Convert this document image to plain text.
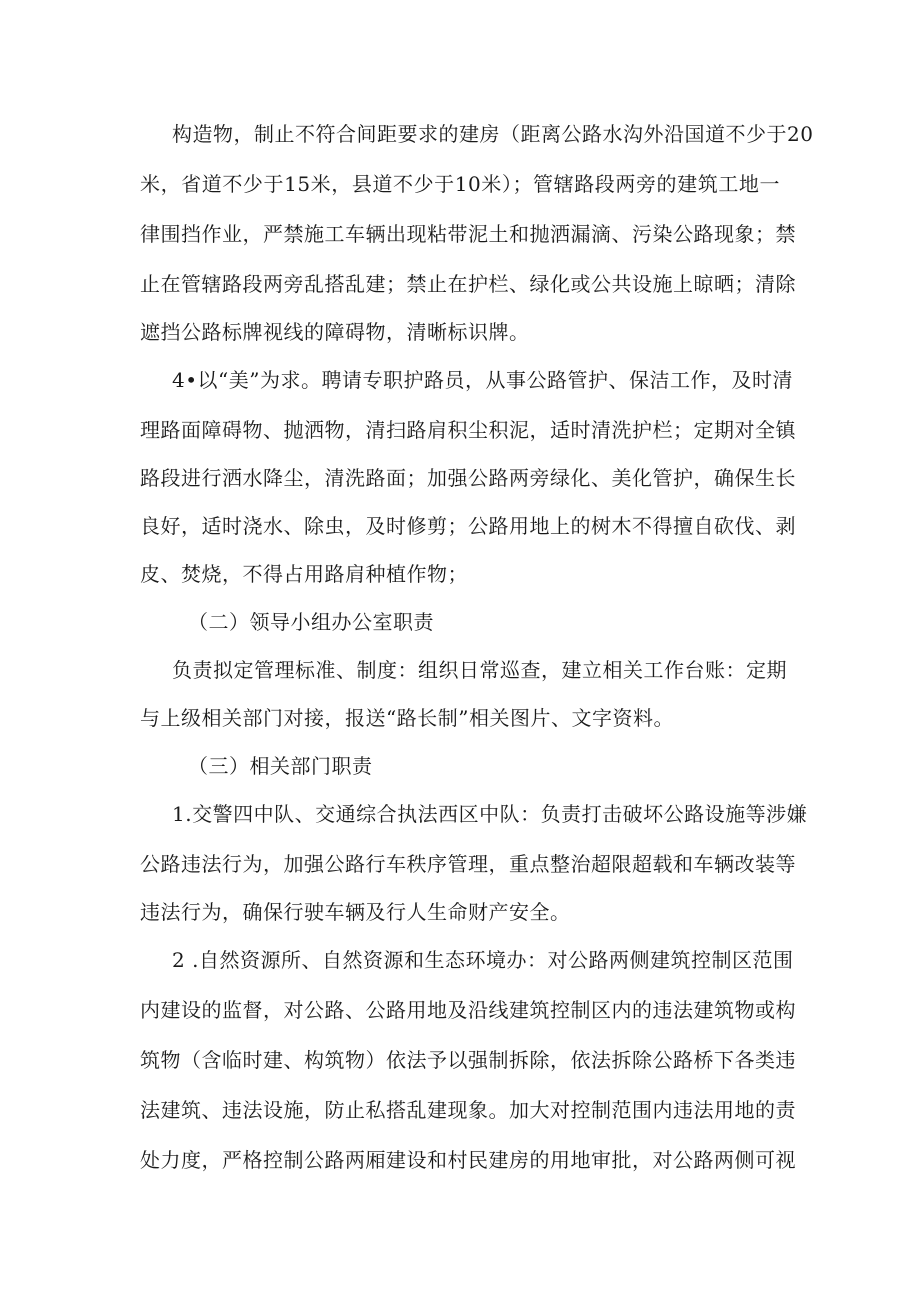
构造物，制止不符合间距要求的建房（距离公路水沟外沿国道不少于20
米，省道不少于15米，县道不少于10米）；管辖路段两旁的建筑工地一
律围挡作业，严禁施工车辆出现粘带泥土和抛洒漏滴、污染公路现象；禁
止在管辖路段两旁乱搭乱建；禁止在护栏、绿化或公共设施上晾晒；清除
遮挡公路标牌视线的障碍物，清晰标识牌。
4•以“美”为求。聘请专职护路员，从事公路管护、保洁工作，及时清
理路面障碍物、抛洒物，清扫路肩积尘积泥，适时清洗护栏；定期对全镇
路段进行洒水降尘，清洗路面；加强公路两旁绿化、美化管护，确保生长
良好，适时浇水、除虫，及时修剪；公路用地上的树木不得擅自砍伐、剥
皮、焚烧，不得占用路肩种植作物；
（二）领导小组办公室职责
负责拟定管理标准、制度：组织日常巡查，建立相关工作台账：定期
与上级相关部门对接，报送“路长制”相关图片、文字资料。
（三）相关部门职责
1.交警四中队、交通综合执法西区中队：负责打击破坏公路设施等涉嫌
公路违法行为，加强公路行车秩序管理，重点整治超限超载和车辆改装等
违法行为，确保行驶车辆及行人生命财产安全。
2 .自然资源所、自然资源和生态环境办：对公路两侧建筑控制区范围
内建设的监督，对公路、公路用地及沿线建筑控制区内的违法建筑物或构
筑物（含临时建、构筑物）依法予以强制拆除，依法拆除公路桥下各类违
法建筑、违法设施，防止私搭乱建现象。加大对控制范围内违法用地的责
处力度，严格控制公路两厢建设和村民建房的用地审批，对公路两侧可视
